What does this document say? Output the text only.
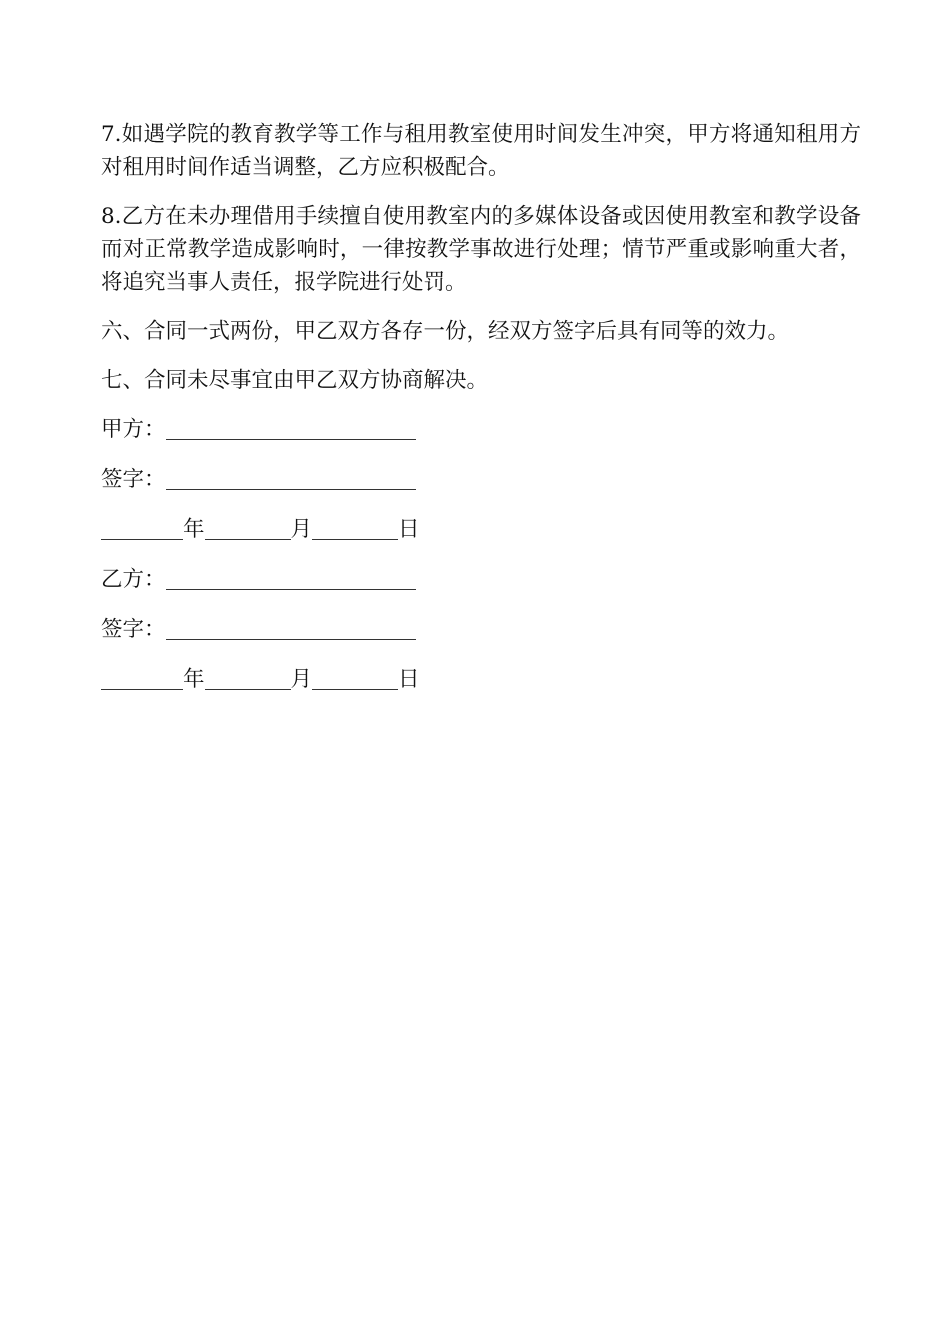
7.如遇学院的教育教学等工作与租用教室使用时间发生冲突，甲方将通知租用方对租用时间作适当调整，乙方应积极配合。

8.乙方在未办理借用手续擅自使用教室内的多媒体设备或因使用教室和教学设备而对正常教学造成影响时，一律按教学事故进行处理；情节严重或影响重大者，将追究当事人责任，报学院进行处罚。

六、合同一式两份，甲乙双方各存一份，经双方签字后具有同等的效力。

七、合同未尽事宜由甲乙双方协商解决。

甲方：
签字：
年	月	日
乙方：
签字：
年	月	日
